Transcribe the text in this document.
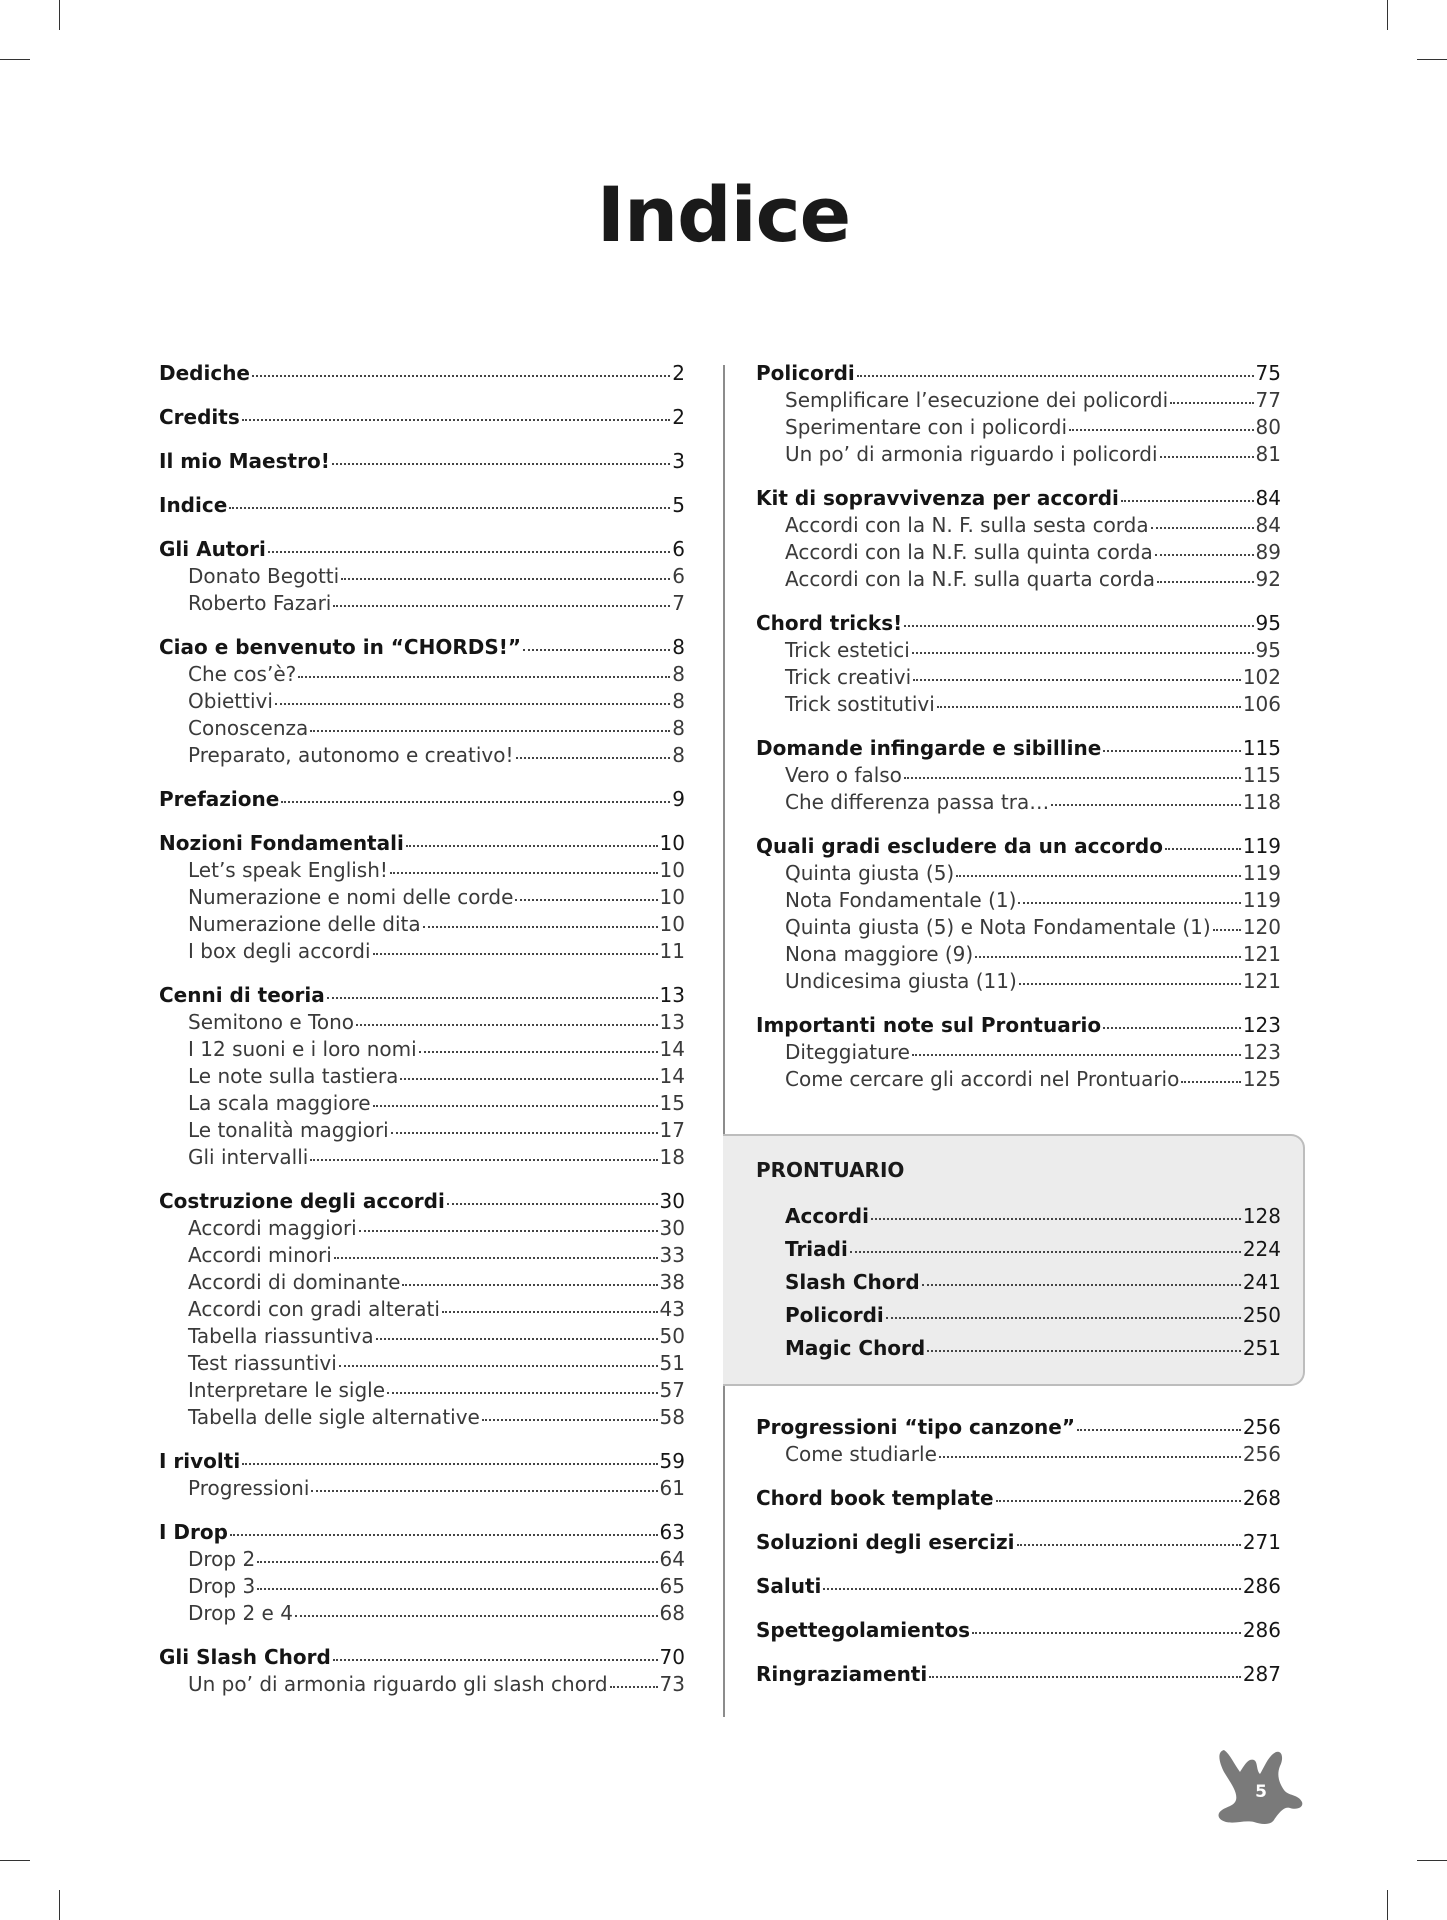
Indice
Dediche	2
Credits	2
Il mio Maestro!	3
Indice	5
Gli Autori	6
Donato Begotti	6
Roberto Fazari	7
Ciao e benvenuto in “CHORDS!”	8
Che cos’è?	8
Obiettivi	8
Conoscenza	8
Preparato, autonomo e creativo!	8
Prefazione	9
Nozioni Fondamentali	10
Let’s speak English!	10
Numerazione e nomi delle corde	10
Numerazione delle dita	10
I box degli accordi	11
Cenni di teoria	13
Semitono e Tono	13
I 12 suoni e i loro nomi	14
Le note sulla tastiera	14
La scala maggiore	15
Le tonalità maggiori	17
Gli intervalli	18
Costruzione degli accordi	30
Accordi maggiori	30
Accordi minori	33
Accordi di dominante	38
Accordi con gradi alterati	43
Tabella riassuntiva	50
Test riassuntivi	51
Interpretare le sigle	57
Tabella delle sigle alternative	58
I rivolti	59
Progressioni	61
I Drop	63
Drop 2	64
Drop 3	65
Drop 2 e 4	68
Gli Slash Chord	70
Un po’ di armonia riguardo gli slash chord	73
Policordi	75
Semplificare l’esecuzione dei policordi	77
Sperimentare con i policordi	80
Un po’ di armonia riguardo i policordi	81
Kit di sopravvivenza per accordi	84
Accordi con la N. F. sulla sesta corda	84
Accordi con la N.F. sulla quinta corda	89
Accordi con la N.F. sulla quarta corda	92
Chord tricks!	95
Trick estetici	95
Trick creativi	102
Trick sostitutivi	106
Domande infingarde e sibilline	115
Vero o falso	115
Che differenza passa tra…	118
Quali gradi escludere da un accordo	119
Quinta giusta (5)	119
Nota Fondamentale (1)	119
Quinta giusta (5) e Nota Fondamentale (1) 120
Nona maggiore (9)	121
Undicesima giusta (11)	121
Importanti note sul Prontuario	123
Diteggiature	123
Come cercare gli accordi nel Prontuario	125
PRONTUARIO
Accordi	128
Triadi	224
Slash Chord	241
Policordi	250
Magic Chord	251
Progressioni “tipo canzone”	256
Come studiarle	256
Chord book template	268
Soluzioni degli esercizi	271
Saluti	286
Spettegolamientos	286
Ringraziamenti	287
5
